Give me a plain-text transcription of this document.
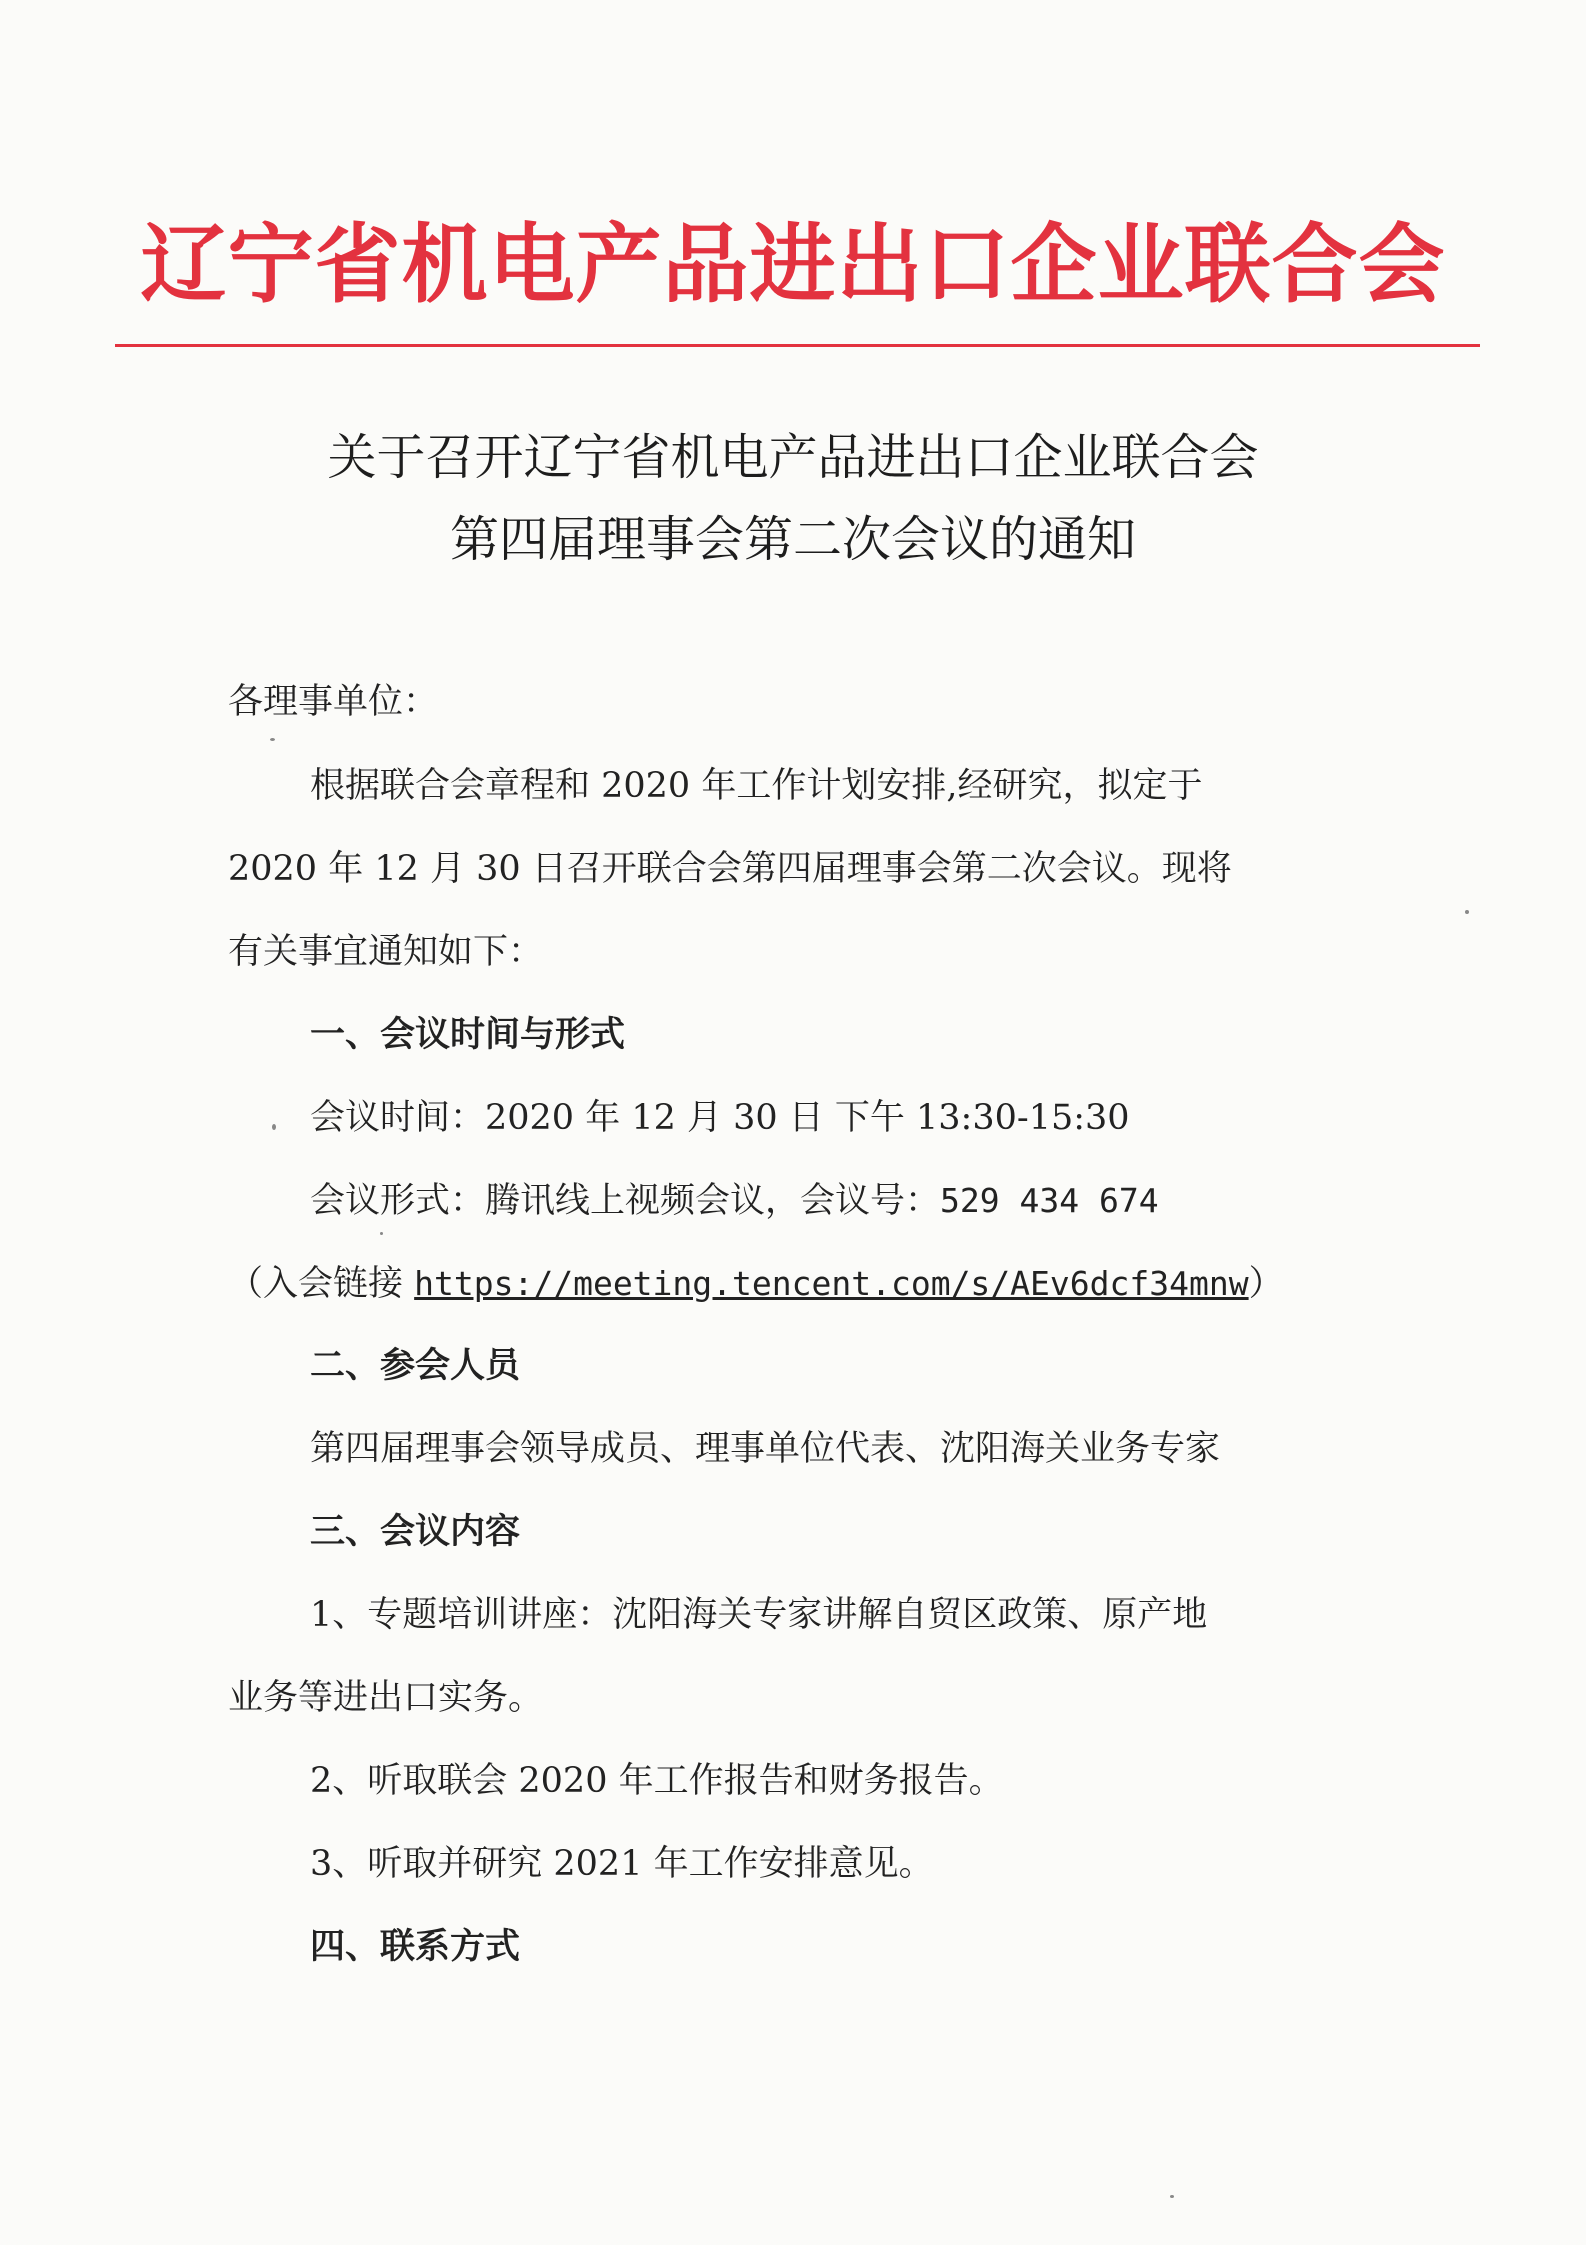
辽宁省机电产品进出口企业联合会
关于召开辽宁省机电产品进出口企业联合会
第四届理事会第二次会议的通知
各理事单位：
根据联合会章程和 2020 年工作计划安排,经研究，拟定于
2020 年 12 月 30 日召开联合会第四届理事会第二次会议。现将
有关事宜通知如下：
一、会议时间与形式
会议时间：2020 年 12 月 30 日 下午 13:30-15:30
会议形式：腾讯线上视频会议，会议号：529 434 674
（入会链接 https://meeting.tencent.com/s/AEv6dcf34mnw）
二、参会人员
第四届理事会领导成员、理事单位代表、沈阳海关业务专家
三、会议内容
1、专题培训讲座：沈阳海关专家讲解自贸区政策、原产地
业务等进出口实务。
2、听取联会 2020 年工作报告和财务报告。
3、听取并研究 2021 年工作安排意见。
四、联系方式
